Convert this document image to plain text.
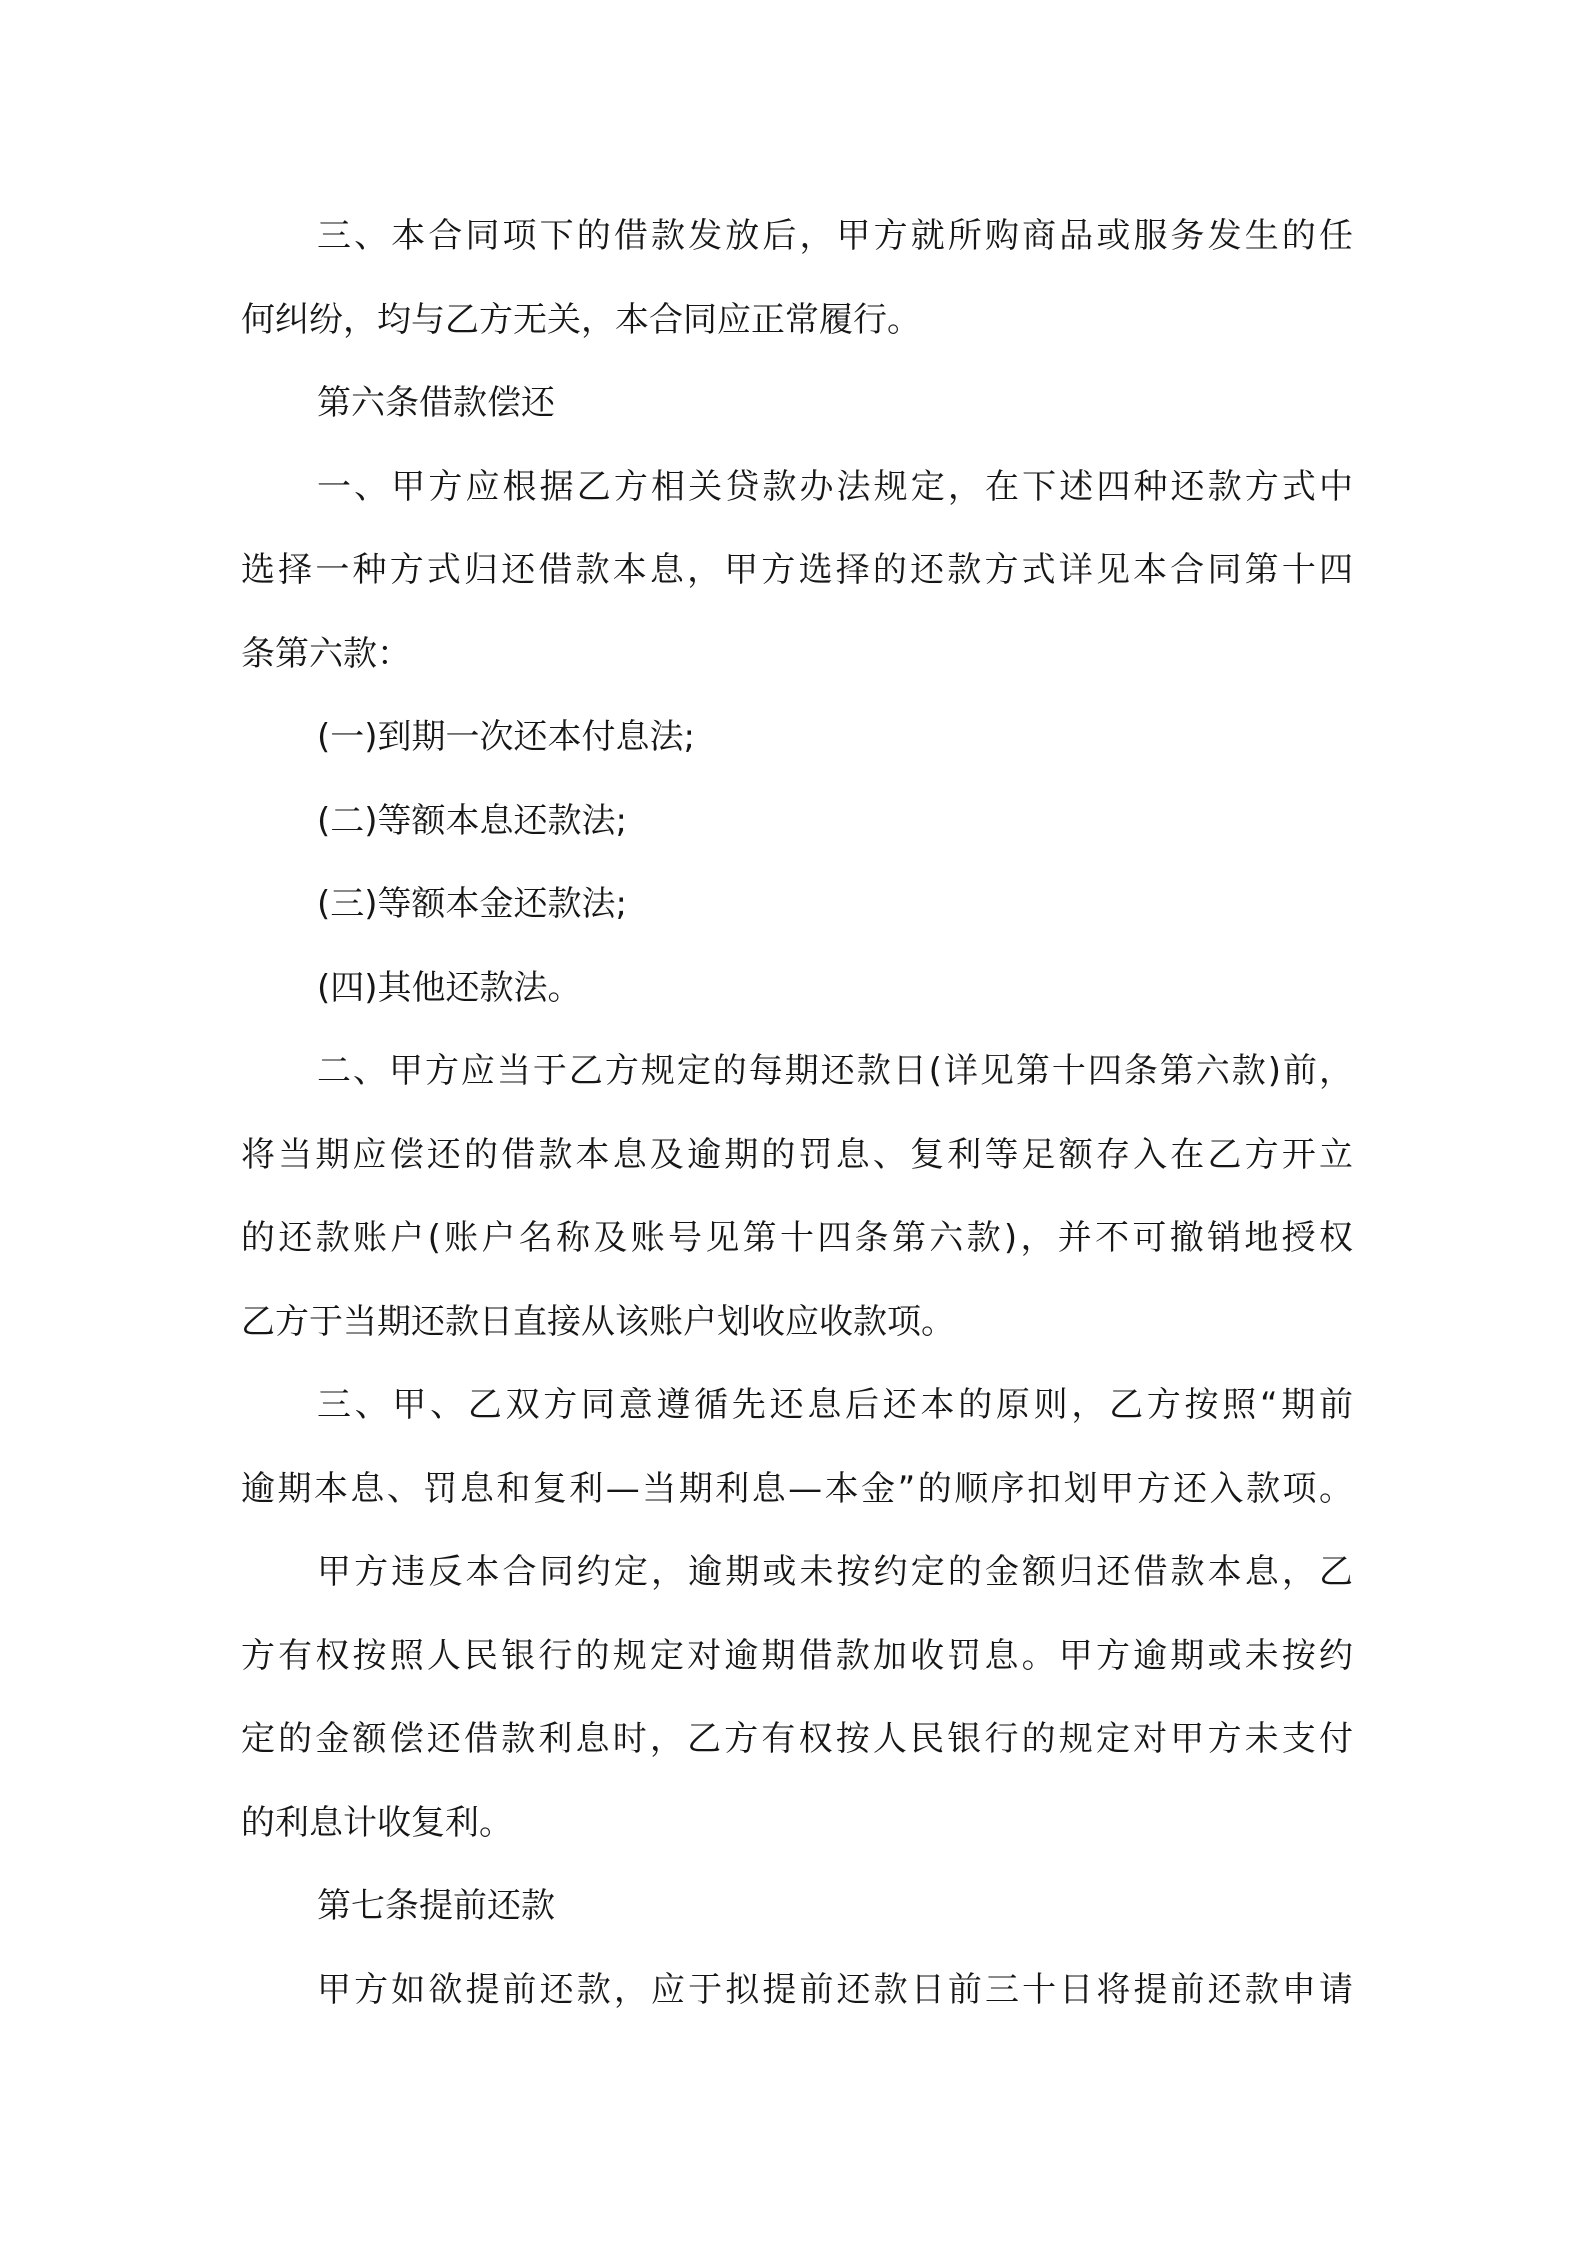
三、本合同项下的借款发放后，甲方就所购商品或服务发生的任
何纠纷，均与乙方无关，本合同应正常履行。
第六条借款偿还
一、甲方应根据乙方相关贷款办法规定，在下述四种还款方式中
选择一种方式归还借款本息，甲方选择的还款方式详见本合同第十四
条第六款：
(一)到期一次还本付息法;
(二)等额本息还款法;
(三)等额本金还款法;
(四)其他还款法。
二、甲方应当于乙方规定的每期还款日(详见第十四条第六款)前，
将当期应偿还的借款本息及逾期的罚息、复利等足额存入在乙方开立
的还款账户(账户名称及账号见第十四条第六款)，并不可撤销地授权
乙方于当期还款日直接从该账户划收应收款项。
三、甲、乙双方同意遵循先还息后还本的原则，乙方按照“期前
逾期本息、罚息和复利—当期利息—本金”的顺序扣划甲方还入款项。
甲方违反本合同约定，逾期或未按约定的金额归还借款本息，乙
方有权按照人民银行的规定对逾期借款加收罚息。甲方逾期或未按约
定的金额偿还借款利息时，乙方有权按人民银行的规定对甲方未支付
的利息计收复利。
第七条提前还款
甲方如欲提前还款，应于拟提前还款日前三十日将提前还款申请
